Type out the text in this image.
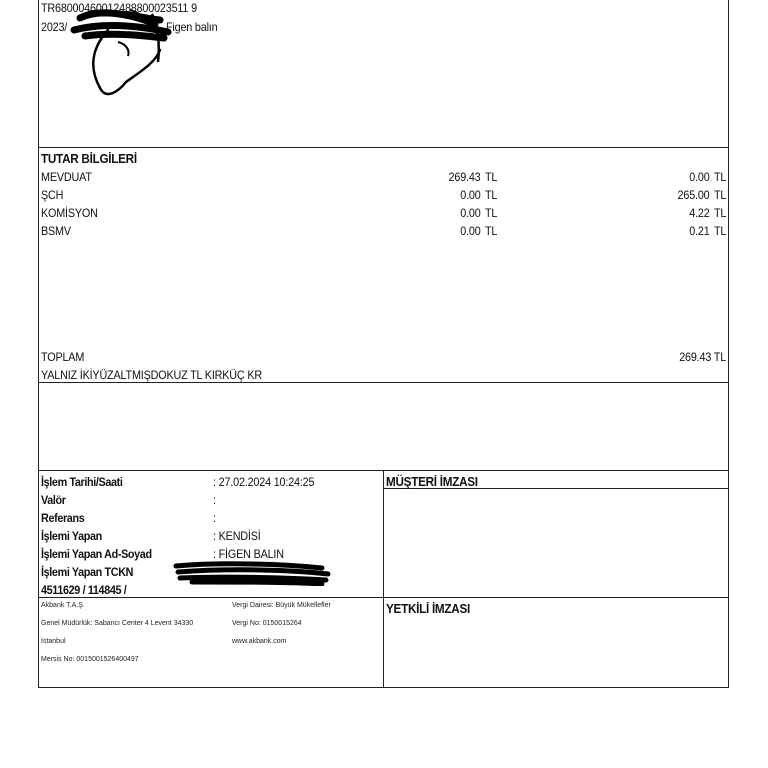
TR68000460012488800023511 9
2023/	Figen balın
TUTAR BİLGİLERİ
MEVDUAT	269.43 TL	0.00 TL
ŞCH	0.00 TL	265.00 TL
KOMİSYON	0.00 TL	4.22 TL
BSMV	0.00 TL	0.21 TL
TOPLAM	269.43 TL
YALNIZ İKİYÜZALTMIŞDOKUZ TL KIRKÜÇ KR
İşlem Tarihi/Saati	: 27.02.2024 10:24:25
Valör	:
Referans	:
İşlemi Yapan	: KENDİSİ
İşlemi Yapan Ad-Soyad	: FİGEN BALIN
İşlemi Yapan TCKN
4511629 / 114845 /
MÜŞTERİ İMZASI
YETKİLİ İMZASI
Akbank T.A.Ş.
Genel Müdürlük: Sabancı Center 4 Levent 34330
İstanbul
Mersis No: 0015001526400497
Vergi Dairesi: Büyük Mükellefler
Vergi No: 0150015264
www.akbank.com
